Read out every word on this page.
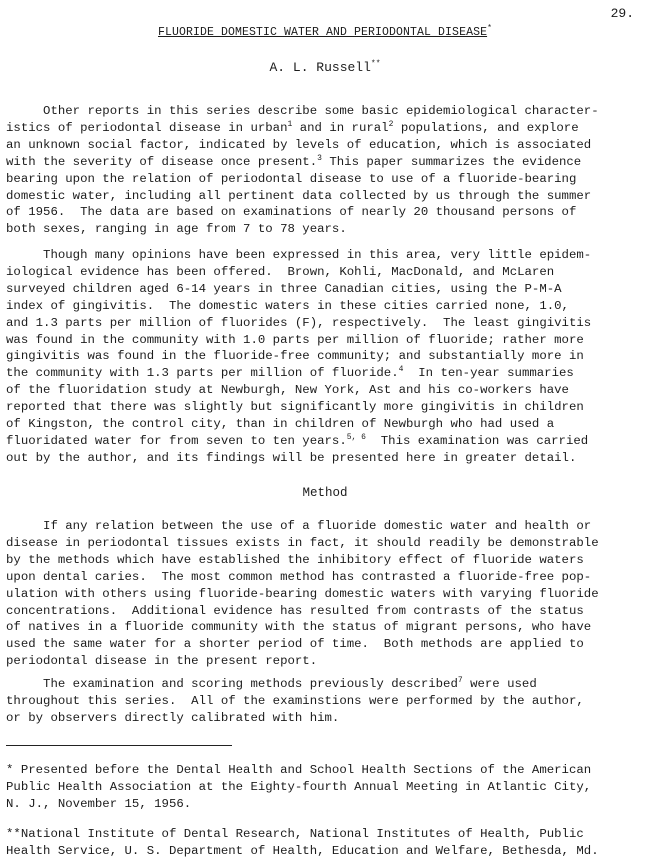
29.
FLUORIDE DOMESTIC WATER AND PERIODONTAL DISEASE*
A. L. Russell**
Other reports in this series describe some basic epidemiological character-
istics of periodontal disease in urban$^1$ and in rural$^2$ populations, and explore
an unknown social factor, indicated by levels of education, which is associated
with the severity of disease once present.$^3$ This paper summarizes the evidence
bearing upon the relation of periodontal disease to use of a fluoride-bearing
domestic water, including all pertinent data collected by us through the summer
of 1956.  The data are based on examinations of nearly 20 thousand persons of
both sexes, ranging in age from 7 to 78 years.
Though many opinions have been expressed in this area, very little epidem-
iological evidence has been offered.  Brown, Kohli, MacDonald, and McLaren
surveyed children aged 6-14 years in three Canadian cities, using the P-M-A
index of gingivitis.  The domestic waters in these cities carried none, 1.0,
and 1.3 parts per million of fluorides (F), respectively.  The least gingivitis
was found in the community with 1.0 parts per million of fluoride; rather more
gingivitis was found in the fluoride-free community; and substantially more in
the community with 1.3 parts per million of fluoride.$^4$  In ten-year summaries
of the fluoridation study at Newburgh, New York, Ast and his co-workers have
reported that there was slightly but significantly more gingivitis in children
of Kingston, the control city, than in children of Newburgh who had used a
fluoridated water for from seven to ten years.$^{5, 6}$  This examination was carried
out by the author, and its findings will be presented here in greater detail.
Method
If any relation between the use of a fluoride domestic water and health or
disease in periodontal tissues exists in fact, it should readily be demonstrable
by the methods which have established the inhibitory effect of fluoride waters
upon dental caries.  The most common method has contrasted a fluoride-free pop-
ulation with others using fluoride-bearing domestic waters with varying fluoride
concentrations.  Additional evidence has resulted from contrasts of the status
of natives in a fluoride community with the status of migrant persons, who have
used the same water for a shorter period of time.  Both methods are applied to
periodontal disease in the present report.
The examination and scoring methods previously described$^7$ were used
throughout this series.  All of the examinstions were performed by the author,
or by observers directly calibrated with him.
* Presented before the Dental Health and School Health Sections of the American
Public Health Association at the Eighty-fourth Annual Meeting in Atlantic City,
N. J., November 15, 1956.
**National Institute of Dental Research, National Institutes of Health, Public
Health Service, U. S. Department of Health, Education and Welfare, Bethesda, Md.
